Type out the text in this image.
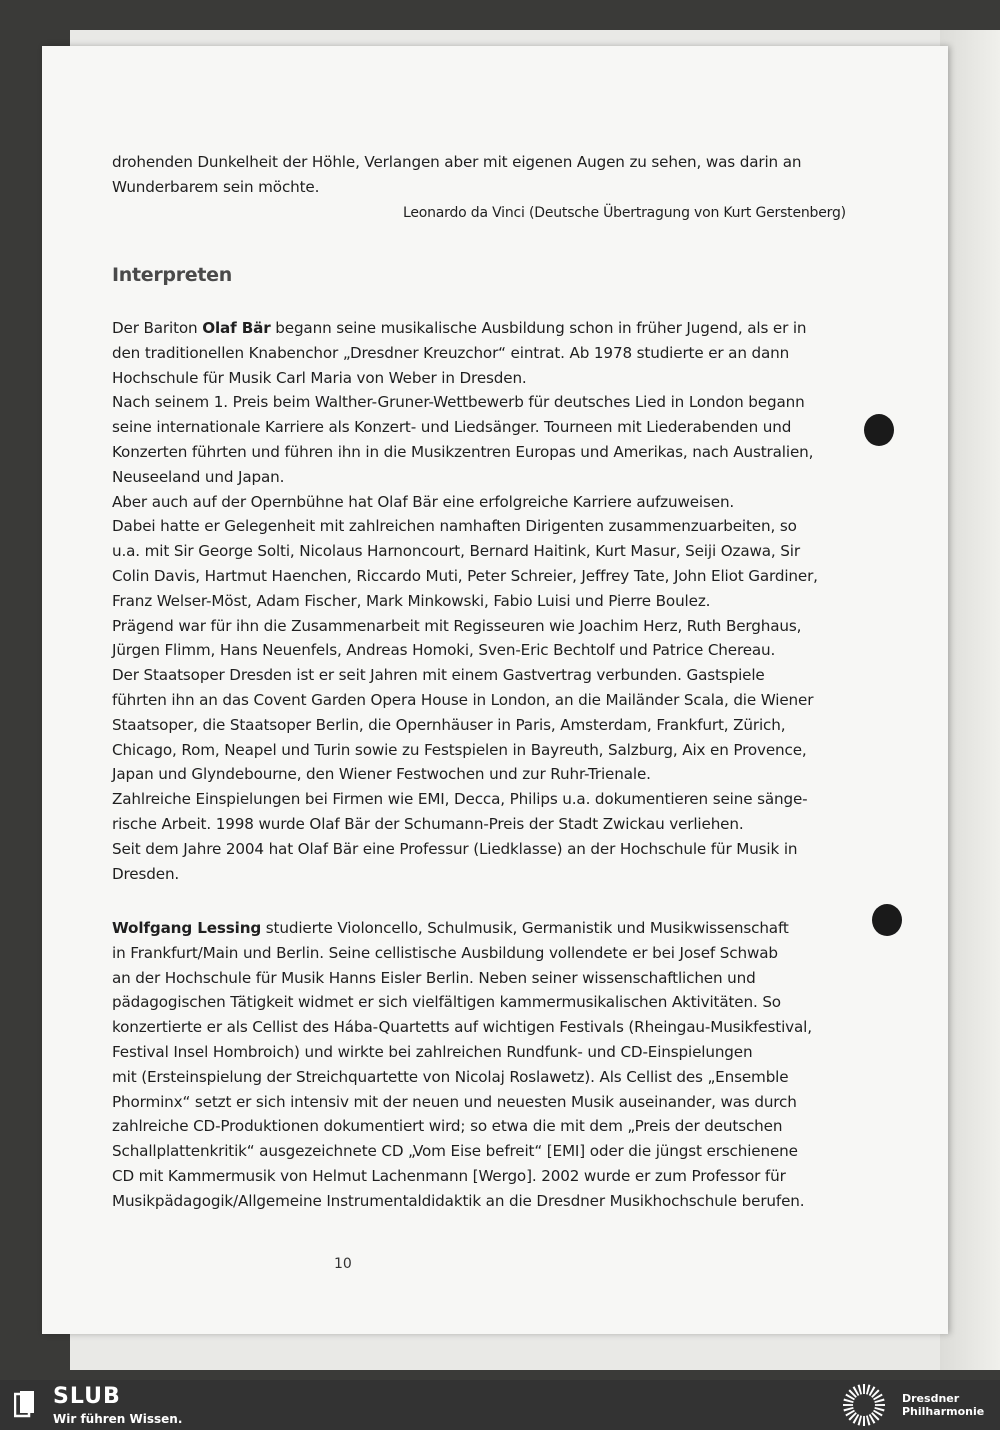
drohenden Dunkelheit der Höhle, Verlangen aber mit eigenen Augen zu sehen, was darin an

Wunderbarem sein möchte.

Leonardo da Vinci (Deutsche Übertragung von Kurt Gerstenberg)
Interpreten

Der Bariton Olaf Bär begann seine musikalische Ausbildung schon in früher Jugend, als er in

den traditionellen Knabenchor „Dresdner Kreuzchor“ eintrat. Ab 1978 studierte er an dann

Hochschule für Musik Carl Maria von Weber in Dresden.

Nach seinem 1. Preis beim Walther-Gruner-Wettbewerb für deutsches Lied in London begann

seine internationale Karriere als Konzert- und Liedsänger. Tourneen mit Liederabenden und

Konzerten führten und führen ihn in die Musikzentren Europas und Amerikas, nach Australien,

Neuseeland und Japan.

Aber auch auf der Opernbühne hat Olaf Bär eine erfolgreiche Karriere aufzuweisen.

Dabei hatte er Gelegenheit mit zahlreichen namhaften Dirigenten zusammenzuarbeiten, so

u.a. mit Sir George Solti, Nicolaus Harnoncourt, Bernard Haitink, Kurt Masur, Seiji Ozawa, Sir

Colin Davis, Hartmut Haenchen, Riccardo Muti, Peter Schreier, Jeffrey Tate, John Eliot Gardiner,

Franz Welser-Möst, Adam Fischer, Mark Minkowski, Fabio Luisi und Pierre Boulez.

Prägend war für ihn die Zusammenarbeit mit Regisseuren wie Joachim Herz, Ruth Berghaus,

Jürgen Flimm, Hans Neuenfels, Andreas Homoki, Sven-Eric Bechtolf und Patrice Chereau.

Der Staatsoper Dresden ist er seit Jahren mit einem Gastvertrag verbunden. Gastspiele

führten ihn an das Covent Garden Opera House in London, an die Mailänder Scala, die Wiener

Staatsoper, die Staatsoper Berlin, die Opernhäuser in Paris, Amsterdam, Frankfurt, Zürich,

Chicago, Rom, Neapel und Turin sowie zu Festspielen in Bayreuth, Salzburg, Aix en Provence,

Japan und Glyndebourne, den Wiener Festwochen und zur Ruhr-Trienale.

Zahlreiche Einspielungen bei Firmen wie EMI, Decca, Philips u.a. dokumentieren seine sänge-

rische Arbeit. 1998 wurde Olaf Bär der Schumann-Preis der Stadt Zwickau verliehen.

Seit dem Jahre 2004 hat Olaf Bär eine Professur (Liedklasse) an der Hochschule für Musik in

Dresden.

Wolfgang Lessing studierte Violoncello, Schulmusik, Germanistik und Musikwissenschaft

in Frankfurt/Main und Berlin. Seine cellistische Ausbildung vollendete er bei Josef Schwab

an der Hochschule für Musik Hanns Eisler Berlin. Neben seiner wissenschaftlichen und

pädagogischen Tätigkeit widmet er sich vielfältigen kammermusikalischen Aktivitäten. So

konzertierte er als Cellist des Hába-Quartetts auf wichtigen Festivals (Rheingau-Musikfestival,

Festival Insel Hombroich) und wirkte bei zahlreichen Rundfunk- und CD-Einspielungen

mit (Ersteinspielung der Streichquartette von Nicolaj Roslawetz). Als Cellist des „Ensemble

Phorminx“ setzt er sich intensiv mit der neuen und neuesten Musik auseinander, was durch

zahlreiche CD-Produktionen dokumentiert wird; so etwa die mit dem „Preis der deutschen

Schallplattenkritik“ ausgezeichnete CD „Vom Eise befreit“ [EMI] oder die jüngst erschienene

CD mit Kammermusik von Helmut Lachenmann [Wergo]. 2002 wurde er zum Professor für

Musikpädagogik/Allgemeine Instrumentaldidaktik an die Dresdner Musikhochschule berufen.

10
SLUB
Wir führen Wissen.
Dresdner
Philharmonie
